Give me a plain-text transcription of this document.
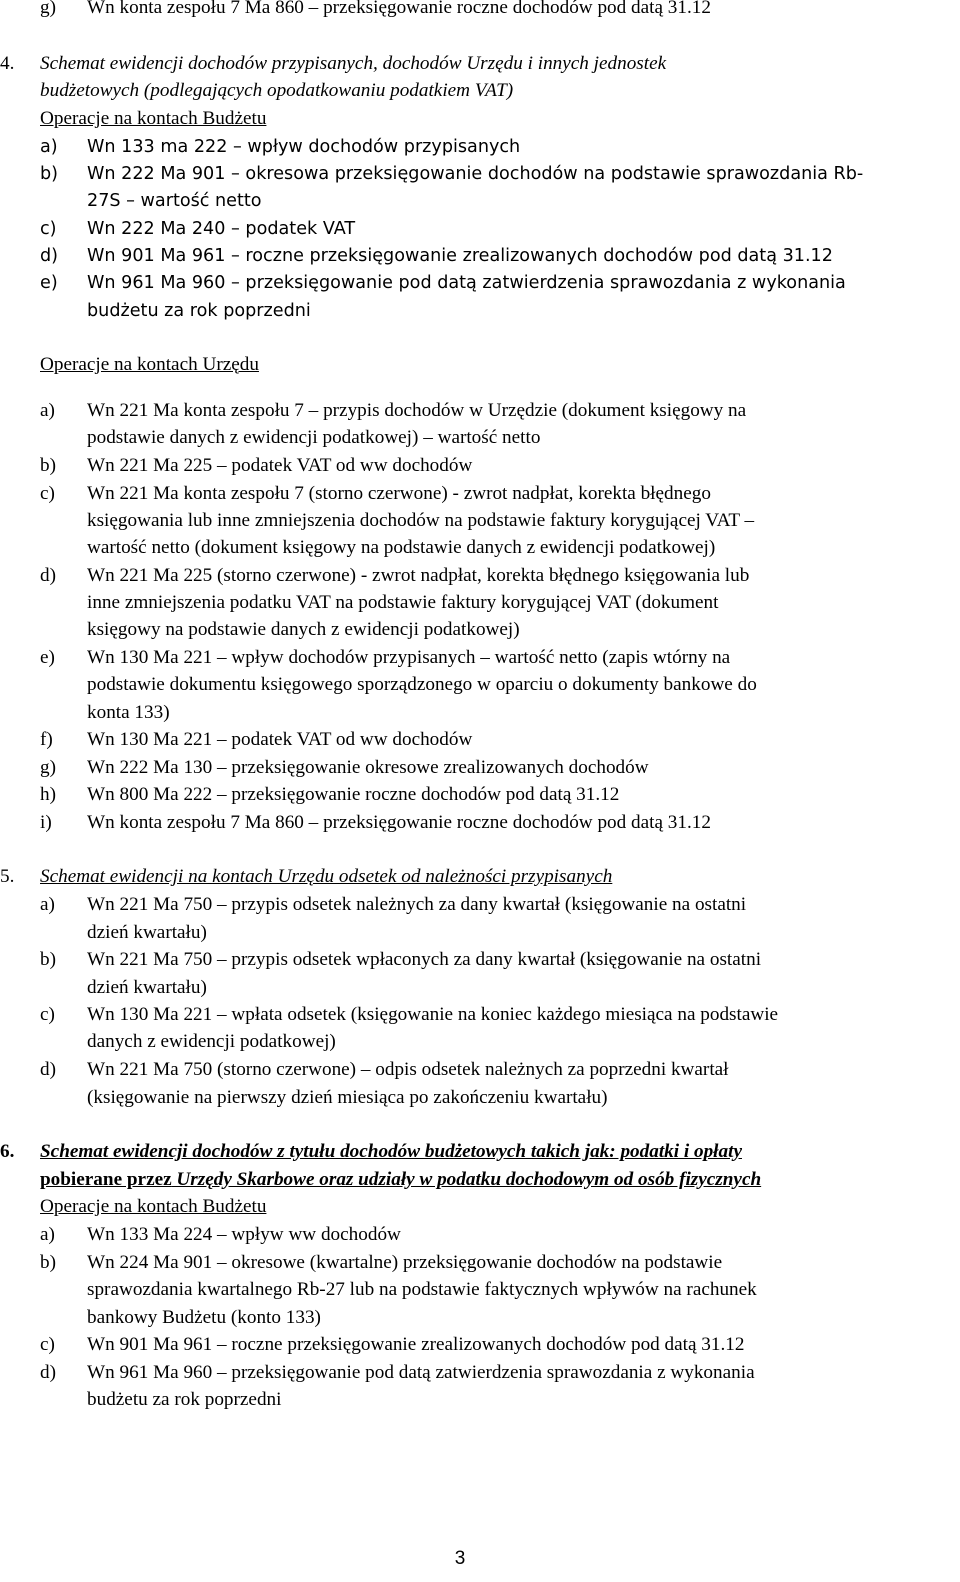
g) Wn konta zespołu 7 Ma 860 – przeksięgowanie roczne dochodów pod datą 31.12
4. Schemat ewidencji dochodów przypisanych, dochodów Urzędu i innych jednostek
budżetowych (podlegających opodatkowaniu podatkiem VAT)
Operacje na kontach Budżetu
a) Wn 133 ma 222 – wpływ dochodów przypisanych
b) Wn 222 Ma 901 – okresowa przeksięgowanie dochodów na podstawie sprawozdania Rb-
27S – wartość netto
c) Wn 222 Ma 240 – podatek VAT
d) Wn 901 Ma 961 – roczne przeksięgowanie zrealizowanych dochodów pod datą 31.12
e) Wn 961 Ma 960 – przeksięgowanie pod datą zatwierdzenia sprawozdania z wykonania
budżetu za rok poprzedni
Operacje na kontach Urzędu
a) Wn 221 Ma konta zespołu 7 – przypis dochodów w Urzędzie (dokument księgowy na
podstawie danych z ewidencji podatkowej) – wartość netto
b) Wn 221 Ma 225 – podatek VAT od ww dochodów
c) Wn 221 Ma konta zespołu 7 (storno czerwone) - zwrot nadpłat, korekta błędnego
księgowania lub inne zmniejszenia dochodów na podstawie faktury korygującej VAT –
wartość netto (dokument księgowy na podstawie danych z ewidencji podatkowej)
d) Wn 221 Ma 225 (storno czerwone) - zwrot nadpłat, korekta błędnego księgowania lub
inne zmniejszenia podatku VAT na podstawie faktury korygującej VAT (dokument
księgowy na podstawie danych z ewidencji podatkowej)
e) Wn 130 Ma 221 – wpływ dochodów przypisanych – wartość netto (zapis wtórny na
podstawie dokumentu księgowego sporządzonego w oparciu o dokumenty bankowe do
konta 133)
f) Wn 130 Ma 221 – podatek VAT od ww dochodów
g) Wn 222 Ma 130 – przeksięgowanie okresowe zrealizowanych dochodów
h) Wn 800 Ma 222 – przeksięgowanie roczne dochodów pod datą 31.12
i) Wn konta zespołu 7 Ma 860 – przeksięgowanie roczne dochodów pod datą 31.12
5. Schemat ewidencji na kontach Urzędu odsetek od należności przypisanych
a) Wn 221 Ma 750 – przypis odsetek należnych za dany kwartał (księgowanie na ostatni
dzień kwartału)
b) Wn 221 Ma 750 – przypis odsetek wpłaconych za dany kwartał (księgowanie na ostatni
dzień kwartału)
c) Wn 130 Ma 221 – wpłata odsetek (księgowanie na koniec każdego miesiąca na podstawie
danych z ewidencji podatkowej)
d) Wn 221 Ma 750 (storno czerwone) – odpis odsetek należnych za poprzedni kwartał
(księgowanie na pierwszy dzień miesiąca po zakończeniu kwartału)
6. Schemat ewidencji dochodów z tytułu dochodów budżetowych takich jak: podatki i opłaty
pobierane przez Urzędy Skarbowe oraz udziały w podatku dochodowym od osób fizycznych
Operacje na kontach Budżetu
a) Wn 133 Ma 224 – wpływ ww dochodów
b) Wn 224 Ma 901 – okresowe (kwartalne) przeksięgowanie dochodów na podstawie
sprawozdania kwartalnego Rb-27 lub na podstawie faktycznych wpływów na rachunek
bankowy Budżetu (konto 133)
c) Wn 901 Ma 961 – roczne przeksięgowanie zrealizowanych dochodów pod datą 31.12
d) Wn 961 Ma 960 – przeksięgowanie pod datą zatwierdzenia sprawozdania z wykonania
budżetu za rok poprzedni
3
